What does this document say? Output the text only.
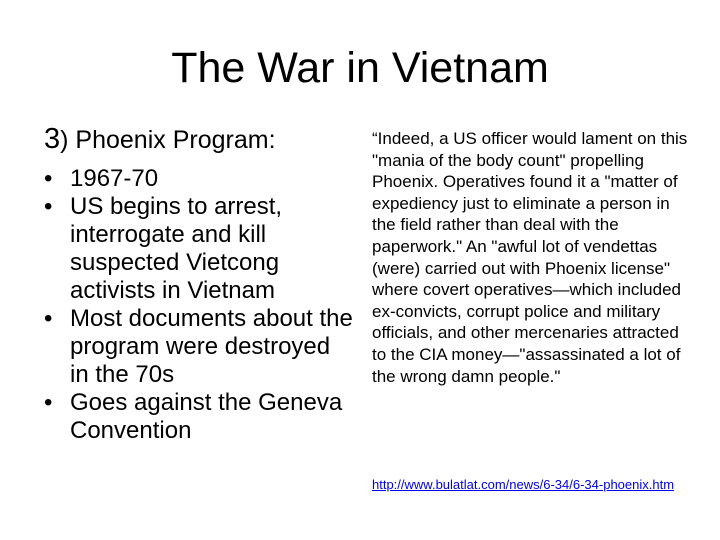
The War in Vietnam
3) Phoenix Program:
• 1967-70
• US begins to arrest, interrogate and kill suspected Vietcong activists in Vietnam
• Most documents about the program were destroyed in the 70s
• Goes against the Geneva Convention

“Indeed, a US officer would lament on this "mania of the body count" propelling Phoenix. Operatives found it a "matter of expediency just to eliminate a person in the field rather than deal with the paperwork." An "awful lot of vendettas (were) carried out with Phoenix license" where covert operatives—which included ex-convicts, corrupt police and military officials, and other mercenaries attracted to the CIA money—"assassinated a lot of the wrong damn people."

http://www.bulatlat.com/news/6-34/6-34-phoenix.htm
